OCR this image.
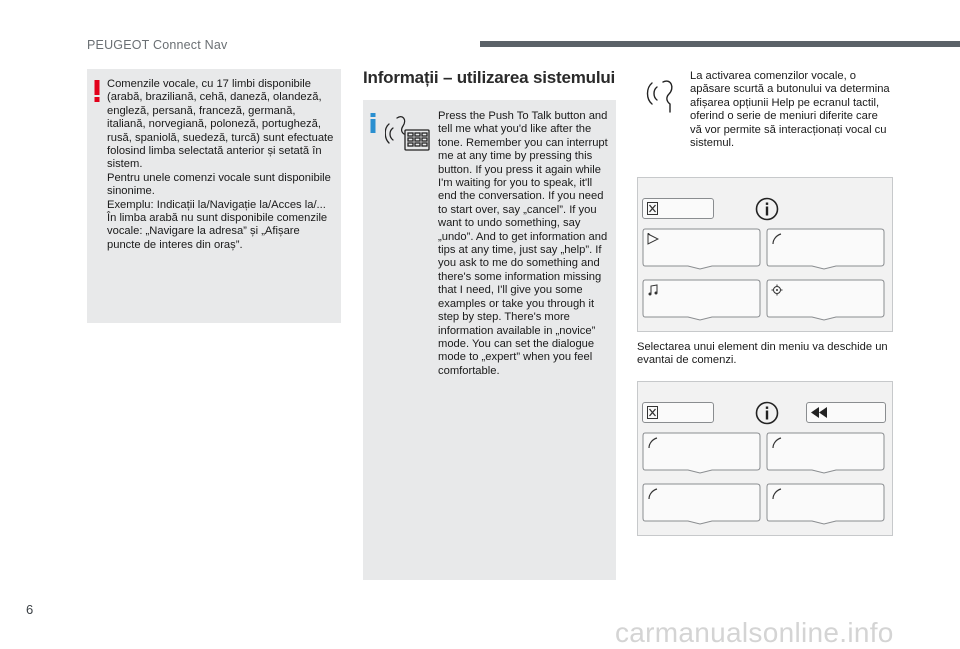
PEUGEOT Connect Nav
Comenzile vocale, cu 17 limbi disponibile (arabă, braziliană, cehă, daneză, olandeză, engleză, persană, franceză, germană, italiană, norvegiană, poloneză, portugheză, rusă, spaniolă, suedeză, turcă) sunt efectuate folosind limba selectată anterior și setată în sistem.
Pentru unele comenzi vocale sunt disponibile sinonime.
Exemplu: Indicații la/Navigație la/Acces la/...
În limba arabă nu sunt disponibile comenzile vocale: „Navigare la adresa” și „Afișare puncte de interes din oraș”.
Informații – utilizarea sistemului
Press the Push To Talk button and tell me what you'd like after the tone. Remember you can interrupt me at any time by pressing this button. If you press it again while I'm waiting for you to speak, it'll end the conversation. If you need to start over, say „cancel”. If you want to undo something, say „undo”. And to get information and tips at any time, just say „help”. If you ask to me do something and there's some information missing that I need, I'll give you some examples or take you through it step by step. There's more information available in „novice” mode. You can set the dialogue mode to „expert” when you feel comfortable.
La activarea comenzilor vocale, o apăsare scurtă a butonului va determina afișarea opțiunii Help pe ecranul tactil, oferind o serie de meniuri diferite care vă vor permite să interacționați vocal cu sistemul.
Selectarea unui element din meniu va deschide un evantai de comenzi.
6
carmanualsonline.info
